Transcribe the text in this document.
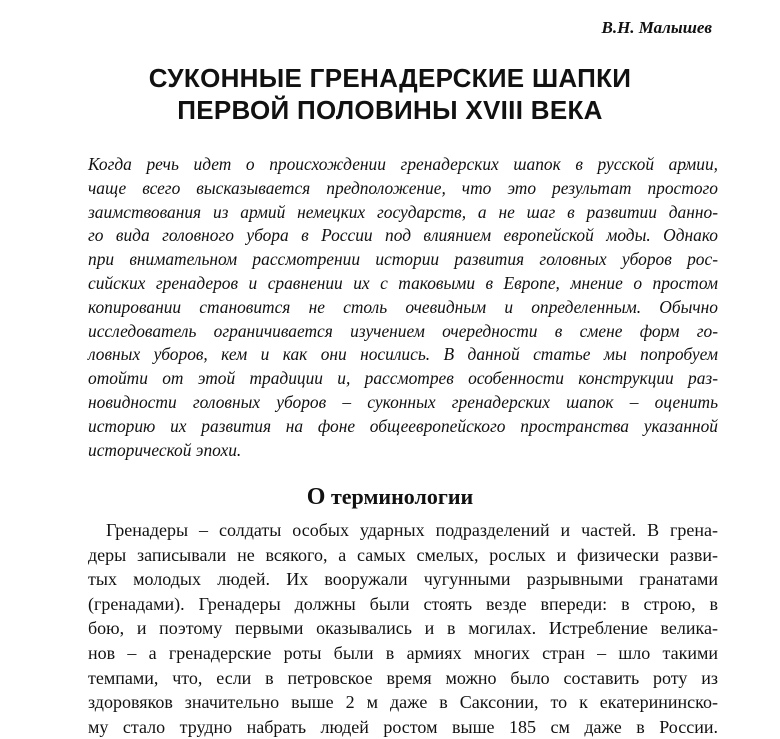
В.Н. Малышев
СУКОННЫЕ ГРЕНАДЕРСКИЕ ШАПКИ
ПЕРВОЙ ПОЛОВИНЫ XVIII ВЕКА
Когда речь идет о происхождении гренадерских шапок в русской армии,
чаще всего высказывается предположение, что это результат простого
заимствования из армий немецких государств, а не шаг в развитии данно-
го вида головного убора в России под влиянием европейской моды. Однако
при внимательном рассмотрении истории развития головных уборов рос-
сийских гренадеров и сравнении их с таковыми в Европе, мнение о простом
копировании становится не столь очевидным и определенным. Обычно
исследователь ограничивается изучением очередности в смене форм го-
ловных уборов, кем и как они носились. В данной статье мы попробуем
отойти от этой традиции и, рассмотрев особенности конструкции раз-
новидности головных уборов – суконных гренадерских шапок – оценить
историю их развития на фоне общеевропейского пространства указанной
исторической эпохи.
О терминологии
 Гренадеры – солдаты особых ударных подразделений и частей. В грена-
деры записывали не всякого, а самых смелых, рослых и физически разви-
тых молодых людей. Их вооружали чугунными разрывными гранатами
(гренадами). Гренадеры должны были стоять везде впереди: в строю, в
бою, и поэтому первыми оказывались и в могилах. Истребление велика-
нов – а гренадерские роты были в армиях многих стран – шло такими
темпами, что, если в петровское время можно было составить роту из
здоровяков значительно выше 2 м даже в Саксонии, то к екатерининско-
му стало трудно набрать людей ростом выше 185 см даже в России.
